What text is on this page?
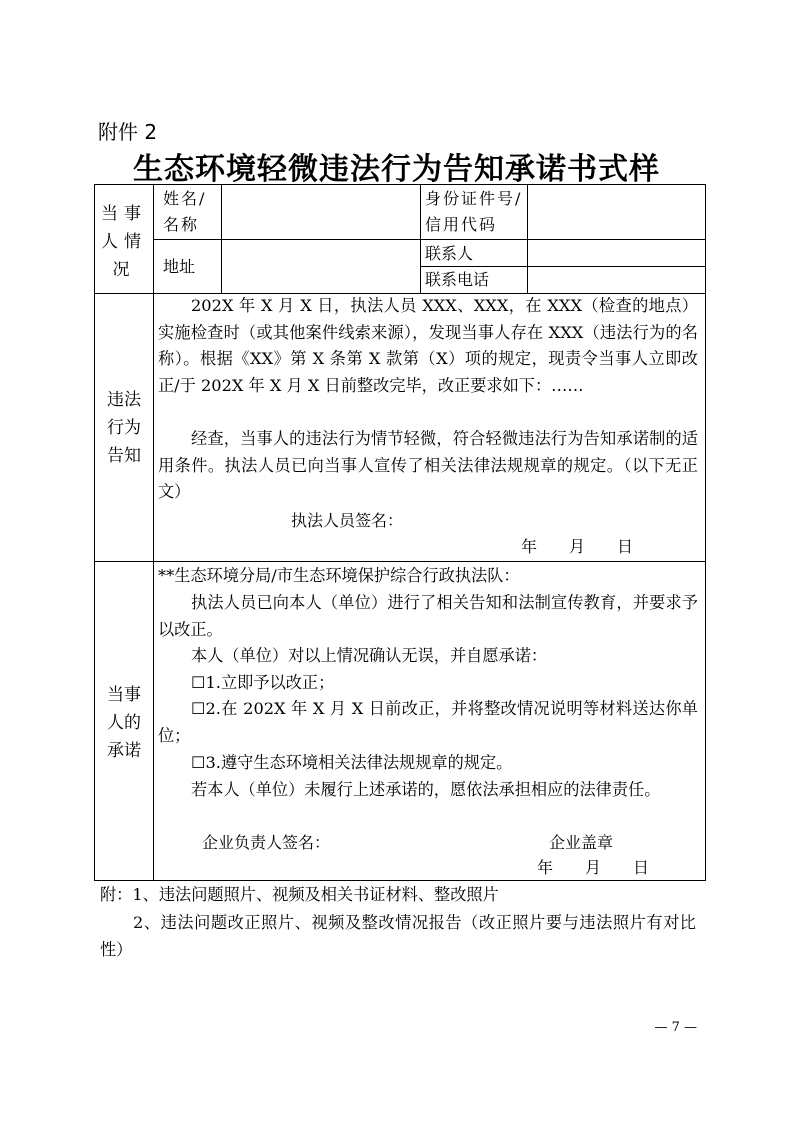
附件 2
生态环境轻微违法行为告知承诺书式样
当事人情况
姓名/名称
身份证件号/信用代码
地址
联系人
联系电话
违法行为告知
202X 年 X 月 X 日，执法人员 XXX、XXX，在 XXX（检查的地点）实施检查时（或其他案件线索来源），发现当事人存在 XXX（违法行为的名称）。根据《XX》第 X 条第 X 款第（X）项的规定，现责令当事人立即改正/于 202X 年 X 月 X 日前整改完毕，改正要求如下：……
经查，当事人的违法行为情节轻微，符合轻微违法行为告知承诺制的适用条件。执法人员已向当事人宣传了相关法律法规规章的规定。（以下无正文）
执法人员签名：
年　　月　　日
当事人的承诺
**生态环境分局/市生态环境保护综合行政执法队：
执法人员已向本人（单位）进行了相关告知和法制宣传教育，并要求予以改正。
本人（单位）对以上情况确认无误，并自愿承诺：
☐1.立即予以改正；
☐2.在 202X 年 X 月 X 日前改正，并将整改情况说明等材料送达你单位；
☐3.遵守生态环境相关法律法规规章的规定。
若本人（单位）未履行上述承诺的，愿依法承担相应的法律责任。
企业负责人签名：	企业盖章
年　　月　　日
附：1、违法问题照片、视频及相关书证材料、整改照片
2、违法问题改正照片、视频及整改情况报告（改正照片要与违法照片有对比性）
— 7 —
